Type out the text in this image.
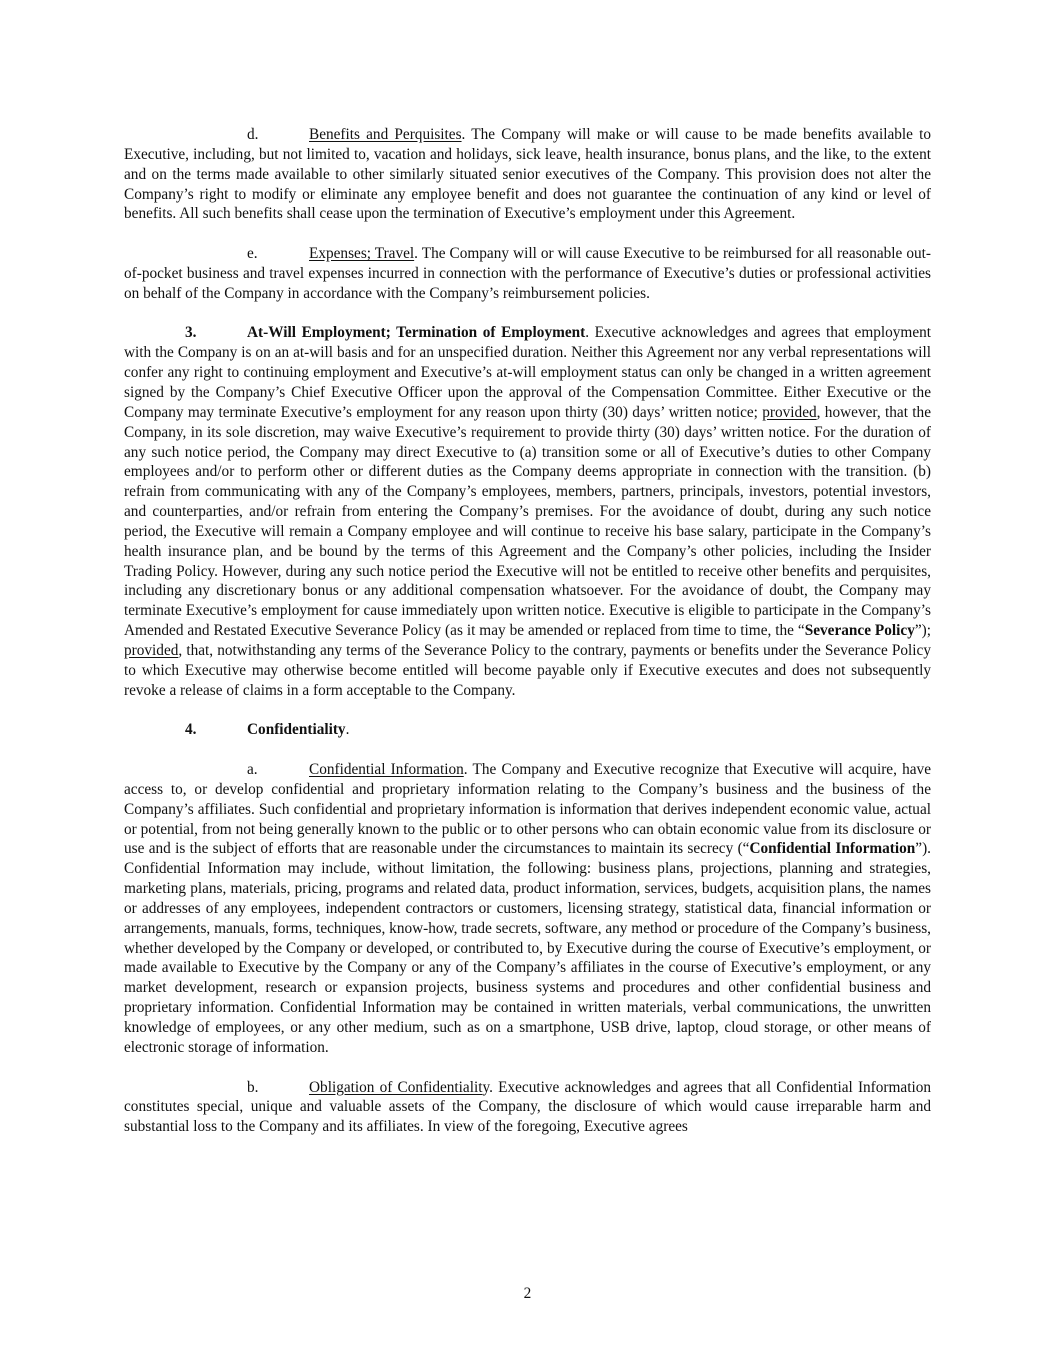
d.	Benefits and Perquisites. The Company will make or will cause to be made benefits available to Executive, including, but not limited to, vacation and holidays, sick leave, health insurance, bonus plans, and the like, to the extent and on the terms made available to other similarly situated senior executives of the Company. This provision does not alter the Company’s right to modify or eliminate any employee benefit and does not guarantee the continuation of any kind or level of benefits. All such benefits shall cease upon the termination of Executive’s employment under this Agreement.

e.	Expenses; Travel. The Company will or will cause Executive to be reimbursed for all reasonable out-of-pocket business and travel expenses incurred in connection with the performance of Executive’s duties or professional activities on behalf of the Company in accordance with the Company’s reimbursement policies.

3.	At-Will Employment; Termination of Employment. Executive acknowledges and agrees that employment with the Company is on an at-will basis and for an unspecified duration. Neither this Agreement nor any verbal representations will confer any right to continuing employment and Executive’s at-will employment status can only be changed in a written agreement signed by the Company’s Chief Executive Officer upon the approval of the Compensation Committee. Either Executive or the Company may terminate Executive’s employment for any reason upon thirty (30) days’ written notice; provided, however, that the Company, in its sole discretion, may waive Executive’s requirement to provide thirty (30) days’ written notice. For the duration of any such notice period, the Company may direct Executive to (a) transition some or all of Executive’s duties to other Company employees and/or to perform other or different duties as the Company deems appropriate in connection with the transition. (b) refrain from communicating with any of the Company’s employees, members, partners, principals, investors, potential investors, and counterparties, and/or refrain from entering the Company’s premises. For the avoidance of doubt, during any such notice period, the Executive will remain a Company employee and will continue to receive his base salary, participate in the Company’s health insurance plan, and be bound by the terms of this Agreement and the Company’s other policies, including the Insider Trading Policy. However, during any such notice period the Executive will not be entitled to receive other benefits and perquisites, including any discretionary bonus or any additional compensation whatsoever. For the avoidance of doubt, the Company may terminate Executive’s employment for cause immediately upon written notice. Executive is eligible to participate in the Company’s Amended and Restated Executive Severance Policy (as it may be amended or replaced from time to time, the “Severance Policy”); provided, that, notwithstanding any terms of the Severance Policy to the contrary, payments or benefits under the Severance Policy to which Executive may otherwise become entitled will become payable only if Executive executes and does not subsequently revoke a release of claims in a form acceptable to the Company.

4.	Confidentiality.

a.	Confidential Information. The Company and Executive recognize that Executive will acquire, have access to, or develop confidential and proprietary information relating to the Company’s business and the business of the Company’s affiliates. Such confidential and proprietary information is information that derives independent economic value, actual or potential, from not being generally known to the public or to other persons who can obtain economic value from its disclosure or use and is the subject of efforts that are reasonable under the circumstances to maintain its secrecy (“Confidential Information”). Confidential Information may include, without limitation, the following: business plans, projections, planning and strategies, marketing plans, materials, pricing, programs and related data, product information, services, budgets, acquisition plans, the names or addresses of any employees, independent contractors or customers, licensing strategy, statistical data, financial information or arrangements, manuals, forms, techniques, know-how, trade secrets, software, any method or procedure of the Company’s business, whether developed by the Company or developed, or contributed to, by Executive during the course of Executive’s employment, or made available to Executive by the Company or any of the Company’s affiliates in the course of Executive’s employment, or any market development, research or expansion projects, business systems and procedures and other confidential business and proprietary information. Confidential Information may be contained in written materials, verbal communications, the unwritten knowledge of employees, or any other medium, such as on a smartphone, USB drive, laptop, cloud storage, or other means of electronic storage of information.

b.	Obligation of Confidentiality. Executive acknowledges and agrees that all Confidential Information constitutes special, unique and valuable assets of the Company, the disclosure of which would cause irreparable harm and substantial loss to the Company and its affiliates. In view of the foregoing, Executive agrees

2
